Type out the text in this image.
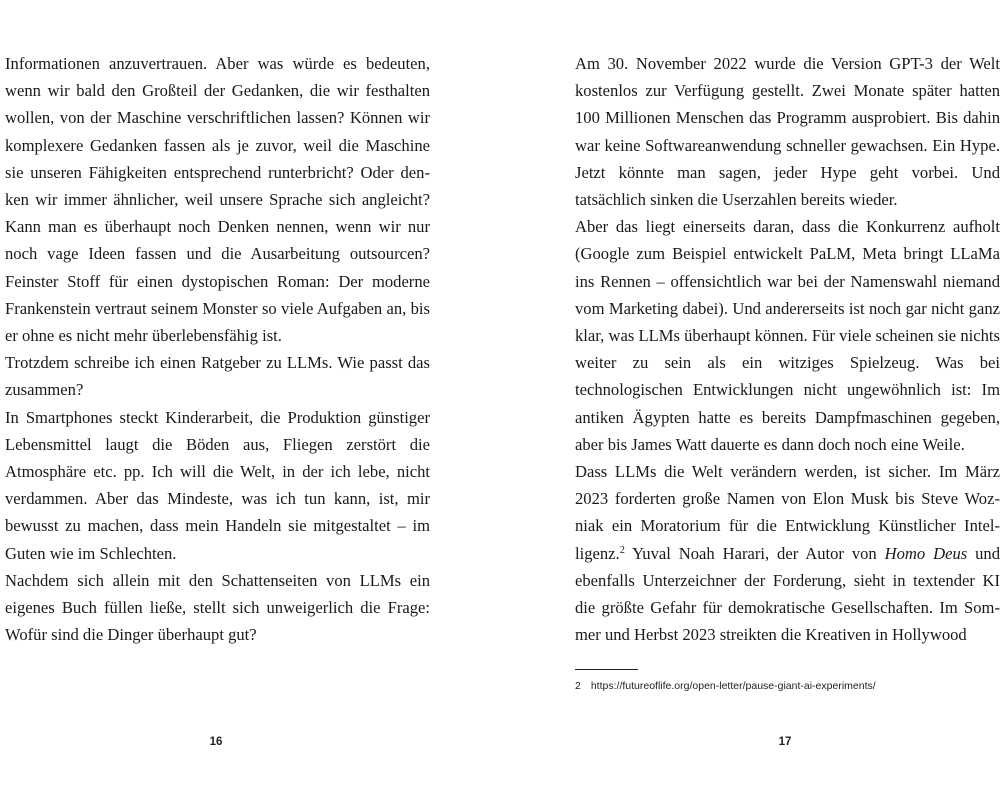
Informationen anzuvertrauen. Aber was würde es bedeuten, wenn wir bald den Großteil der Gedanken, die wir festhalten wollen, von der Maschine verschriftlichen lassen? Können wir komplexere Gedanken fassen als je zuvor, weil die Maschine sie unseren Fähigkeiten entsprechend runterbricht? Oder denken wir immer ähnlicher, weil unsere Sprache sich angleicht? Kann man es überhaupt noch Denken nennen, wenn wir nur noch vage Ideen fassen und die Ausarbeitung outsourcen? Feinster Stoff für einen dystopischen Roman: Der moderne Frankenstein vertraut seinem Monster so viele Aufgaben an, bis er ohne es nicht mehr überlebensfähig ist.

Trotzdem schreibe ich einen Ratgeber zu LLMs. Wie passt das zusammen?

In Smartphones steckt Kinderarbeit, die Produktion günstiger Lebensmittel laugt die Böden aus, Fliegen zerstört die Atmosphäre etc. pp. Ich will die Welt, in der ich lebe, nicht verdammen. Aber das Mindeste, was ich tun kann, ist, mir bewusst zu machen, dass mein Handeln sie mitgestaltet – im Guten wie im Schlechten.

Nachdem sich allein mit den Schattenseiten von LLMs ein eigenes Buch füllen ließe, stellt sich unweigerlich die Frage: Wofür sind die Dinger überhaupt gut?

16

Am 30. November 2022 wurde die Version GPT-3 der Welt kostenlos zur Verfügung gestellt. Zwei Monate später hatten 100 Millionen Menschen das Programm ausprobiert. Bis dahin war keine Softwareanwendung schneller gewachsen. Ein Hype. Jetzt könnte man sagen, jeder Hype geht vorbei. Und tatsächlich sinken die Userzahlen bereits wieder.

Aber das liegt einerseits daran, dass die Konkurrenz aufholt (Google zum Beispiel entwickelt PaLM, Meta bringt LLaMa ins Rennen – offensichtlich war bei der Namenswahl niemand vom Marketing dabei). Und andererseits ist noch gar nicht ganz klar, was LLMs überhaupt können. Für viele scheinen sie nichts weiter zu sein als ein witziges Spielzeug. Was bei technologischen Entwicklungen nicht ungewöhnlich ist: Im antiken Ägypten hatte es bereits Dampfmaschinen gegeben, aber bis James Watt dauerte es dann doch noch eine Weile.

Dass LLMs die Welt verändern werden, ist sicher. Im März 2023 forderten große Namen von Elon Musk bis Steve Wozniak ein Moratorium für die Entwicklung Künstlicher Intelligenz.$^2$ Yuval Noah Harari, der Autor von Homo Deus und ebenfalls Unterzeichner der Forderung, sieht in textender KI die größte Gefahr für demokratische Gesellschaften. Im Sommer und Herbst 2023 streikten die Kreativen in Hollywood

2 https://futureoflife.org/open-letter/pause-giant-ai-experiments/
17
